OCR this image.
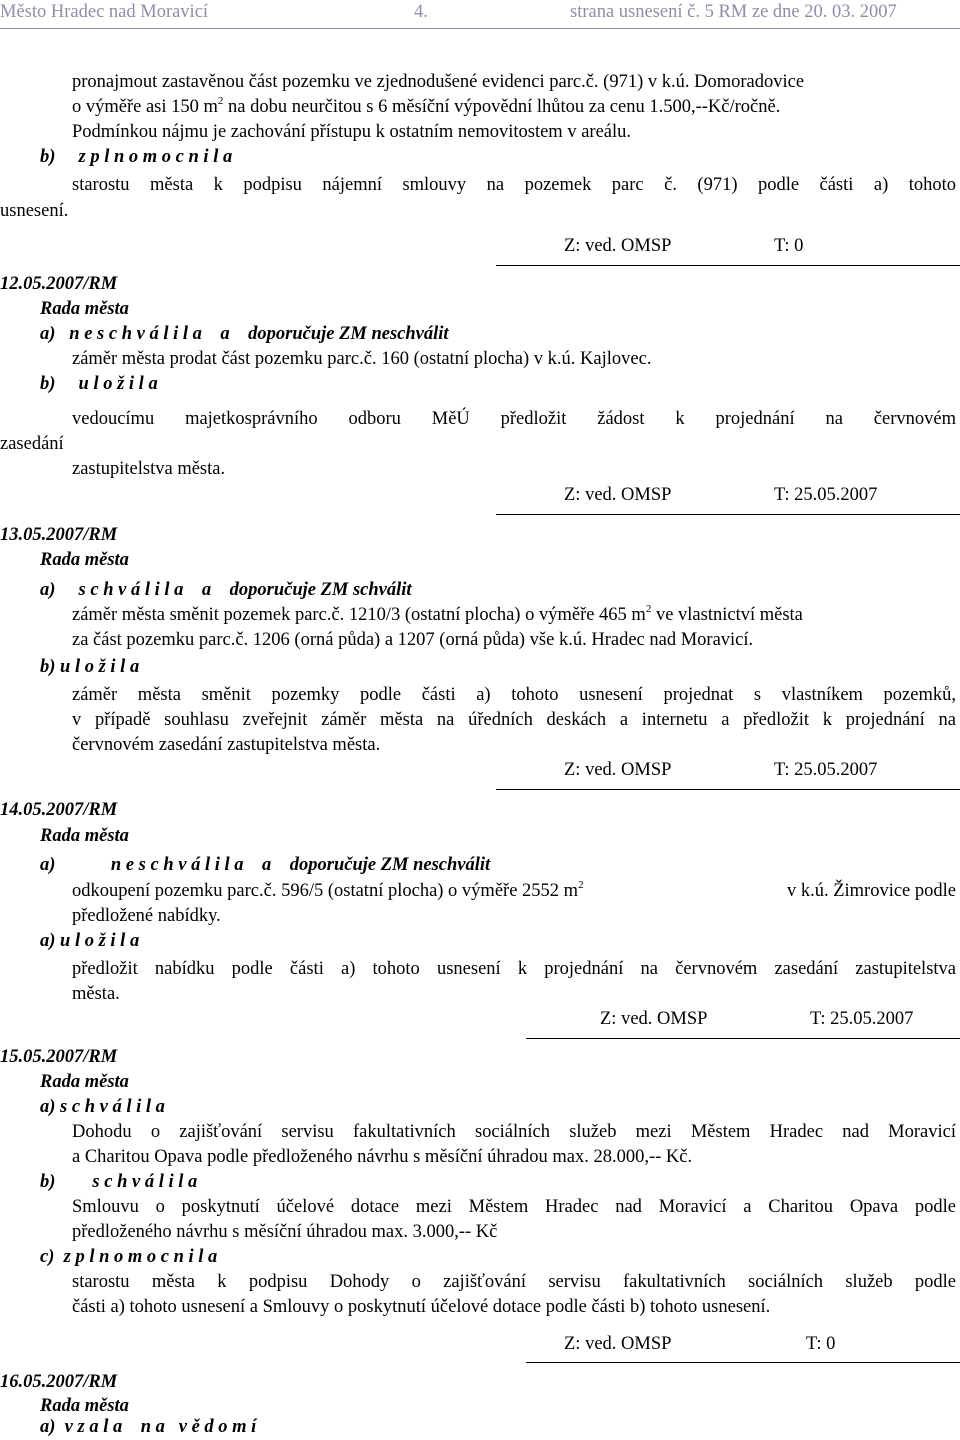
Město Hradec nad Moravicí	4.	strana usnesení č. 5 RM ze dne 20. 03. 2007
pronajmout zastavěnou část pozemku ve zjednodušené evidenci parc.č. (971) v k.ú. Domoradovice
o výměře asi 150 $m^2$ na dobu neurčitou s 6 měsíční výpovědní lhůtou za cenu 1.500,--Kč/ročně.
Podmínkou nájmu je zachování přístupu k ostatním nemovitostem v areálu.
b)     z p l n o m o c n i l a
starostu města k podpisu nájemní smlouvy na pozemek parc č. (971) podle části a) tohoto
usnesení.
Z: ved. OMSP	T: 0
12.05.2007/RM
Rada města
a)   n e s c h v á l i l a    a    doporučuje ZM neschválit
záměr města prodat část pozemku parc.č. 160 (ostatní plocha) v k.ú. Kajlovec.
b)     u l o ž i l a
vedoucímu majetkosprávního odboru MěÚ předložit žádost k projednání na červnovém
zasedání
zastupitelstva města.
Z: ved. OMSP	T: 25.05.2007
13.05.2007/RM
Rada města
a)     s c h v á l i l a    a    doporučuje ZM schválit
záměr města směnit pozemek parc.č. 1210/3 (ostatní plocha) o výměře 465 $m^2$ ve vlastnictví města
za část pozemku parc.č. 1206 (orná půda) a 1207 (orná půda) vše k.ú. Hradec nad Moravicí.
b) u l o ž i l a
záměr města směnit pozemky podle části a) tohoto usnesení projednat s vlastníkem pozemků,
v případě souhlasu zveřejnit záměr města na úředních deskách a internetu a předložit k projednání na
červnovém zasedání zastupitelstva města.
Z: ved. OMSP	T: 25.05.2007
14.05.2007/RM
Rada města
a)            n e s c h v á l i l a    a    doporučuje ZM neschválit
odkoupení pozemku parc.č. 596/5 (ostatní plocha) o výměře 2552 $m^2$	v k.ú. Žimrovice podle
předložené nabídky.
a) u l o ž i l a
předložit nabídku podle části a) tohoto usnesení k projednání na červnovém zasedání zastupitelstva
města.
Z: ved. OMSP	T: 25.05.2007
15.05.2007/RM
Rada města
a) s c h v á l i l a
Dohodu o zajišťování servisu fakultativních sociálních služeb mezi Městem Hradec nad Moravicí
a Charitou Opava podle předloženého návrhu s měsíční úhradou max. 28.000,-- Kč.
b)        s c h v á l i l a
Smlouvu o poskytnutí účelové dotace mezi Městem Hradec nad Moravicí a Charitou Opava podle
předloženého návrhu s měsíční úhradou max. 3.000,-- Kč
c)  z p l n o m o c n i l a
starostu města k podpisu Dohody o zajišťování servisu fakultativních sociálních služeb podle
části a) tohoto usnesení a Smlouvy o poskytnutí účelové dotace podle části b) tohoto usnesení.
Z: ved. OMSP	T: 0
16.05.2007/RM
Rada města
a)  v z a l a    n a   v ě d o m í
